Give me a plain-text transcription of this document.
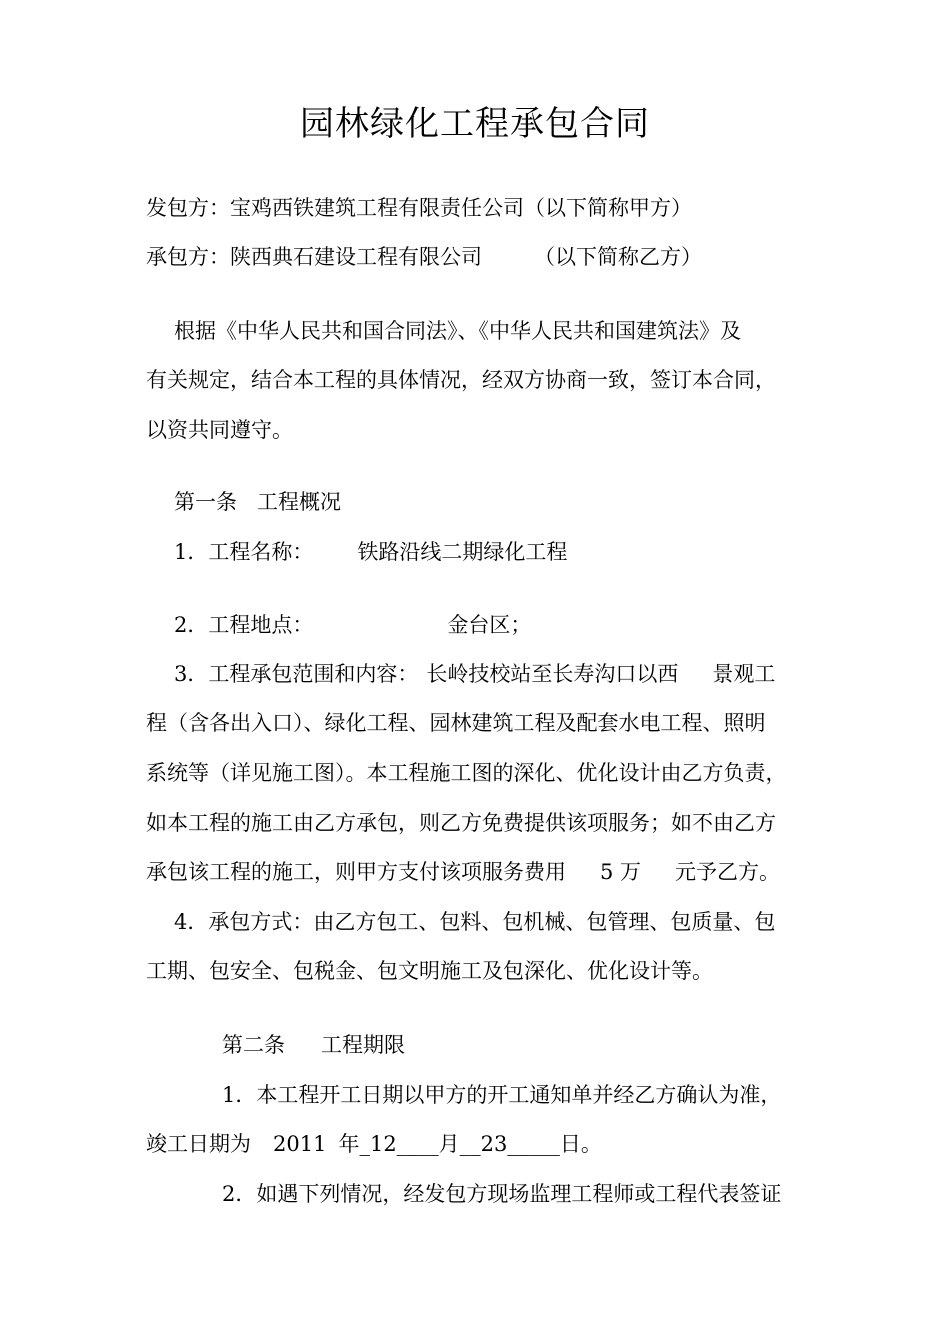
园林绿化工程承包合同
发包方：宝鸡西铁建筑工程有限责任公司（以下简称甲方）
承包方：陕西典石建设工程有限公司 （以下简称乙方）
根据《中华人民共和国合同法》、《中华人民共和国建筑法》及
有关规定，结合本工程的具体情况，经双方协商一致，签订本合同，
以资共同遵守。
第一条 工程概况
1．工程名称： 铁路沿线二期绿化工程
2．工程地点：	金台区；
3．工程承包范围和内容： 长岭技校站至长寿沟口以西 景观工
程（含各出入口）、绿化工程、园林建筑工程及配套水电工程、照明
系统等（详见施工图）。本工程施工图的深化、优化设计由乙方负责，
如本工程的施工由乙方承包，则乙方免费提供该项服务；如不由乙方
承包该工程的施工，则甲方支付该项服务费用 5 万 元予乙方。
4．承包方式：由乙方包工、包料、包机械、包管理、包质量、包
工期、包安全、包税金、包文明施工及包深化、优化设计等。
第二条 工程期限
1．本工程开工日期以甲方的开工通知单并经乙方确认为准，
竣工日期为 2011 年_12____月__23_____日。
2．如遇下列情况，经发包方现场监理工程师或工程代表签证
